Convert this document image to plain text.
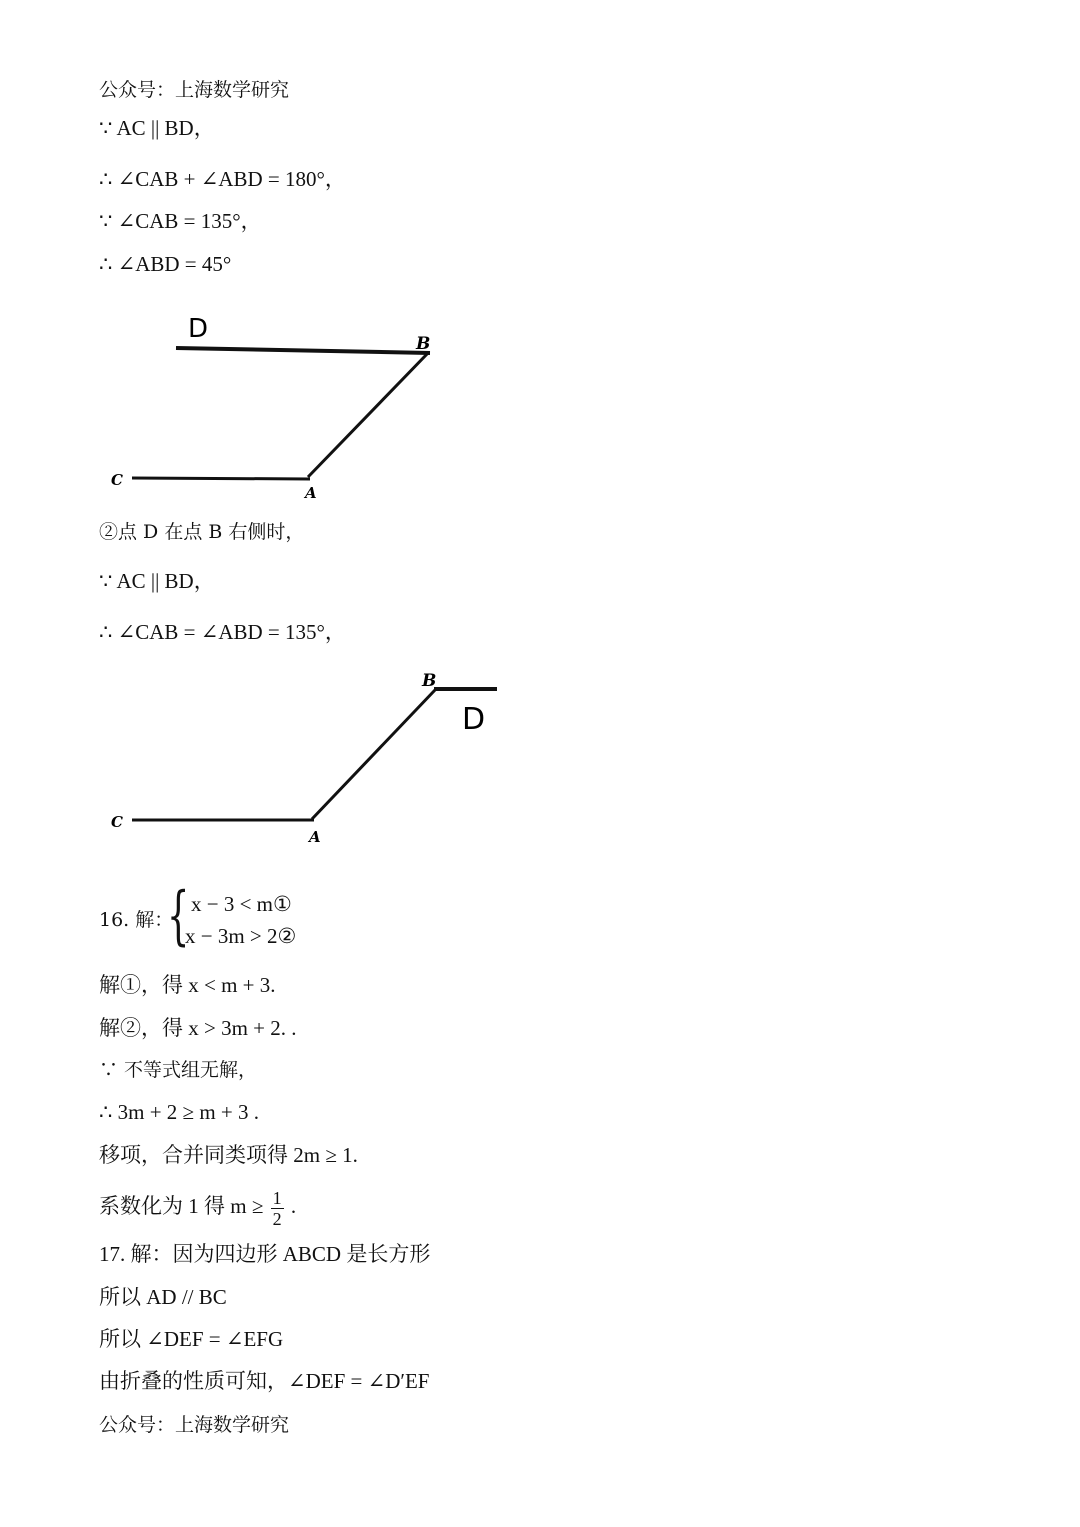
公众号：上海数学研究
∵ AC || BD，
∴ ∠CAB + ∠ABD = 180°，
∵ ∠CAB = 135°，
∴ ∠ABD = 45°
D	B
C
A
②点 D 在点 B 右侧时，
∵ AC || BD，
∴ ∠CAB = ∠ABD = 135°，
B
D
C
A
16. 解：
{ x − 3 < m①
x − 3m > 2②
解①，得 x < m + 3.
解②，得 x > 3m + 2. .
∵ 不等式组无解，
∴ 3m + 2 ≥ m + 3 .
移项，合并同类项得 2m ≥ 1.
系数化为 1 得 $m \ge \frac{1}{2}$ .
17. 解：因为四边形 ABCD 是长方形
所以 AD // BC
所以 ∠DEF = ∠EFG
由折叠的性质可知，∠DEF = ∠D′EF
公众号：上海数学研究
